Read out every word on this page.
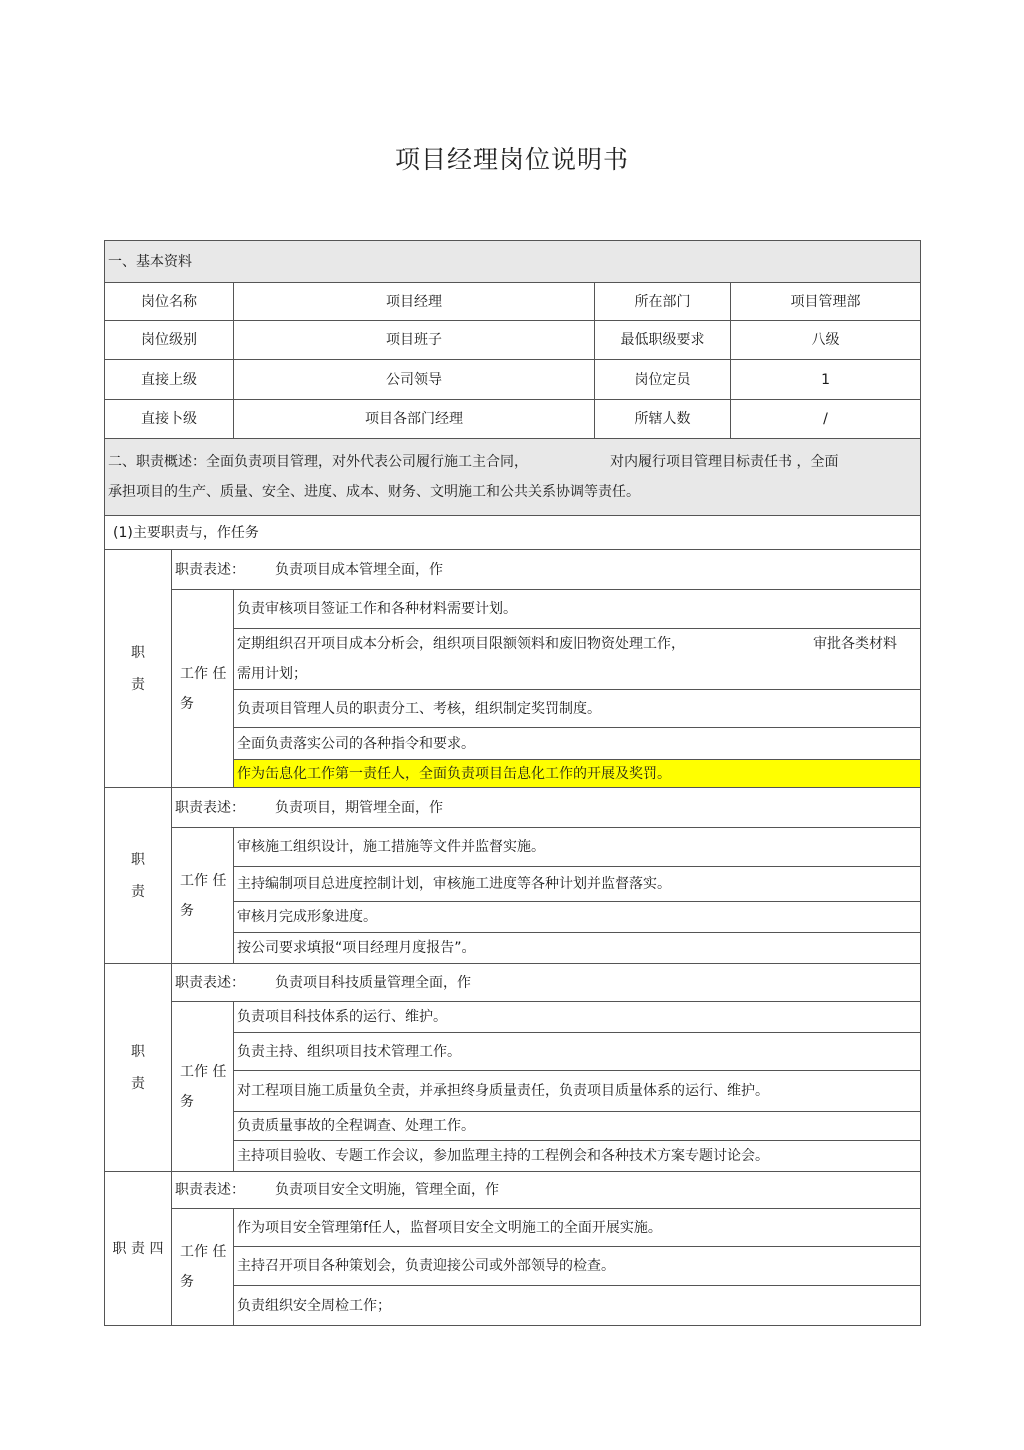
项目经理岗位说明书
一、基本资料				
岗位名称		项目经理	所在部门	项目管理部
岗位级别		项目班子	最低职级要求	八级
直接上级		公司领导	岗位定员	1
直接卜级		项目各部门经理	所辖人数	/
二、职责概述：全面负责项目管理，对外代表公司履行施工主合同， 对内履行项目管理目标责任书 ，全面
承担项目的生产、质量、安全、进度、成本、财务、文明施工和公共关系协调等责任。				
(1)主要职责与，作任务				
职
责	职责表述： 负责项目成本管埋全面，作			
	工作 任
务	负责审核项目签证工作和各种材料需要计划。		

		定期组织召开项目成本分析会，组织项目限额领料和废旧物资处理工作， 审批各类材料
需用计划；		
		负责项目管理人员的职责分工、考核，组织制定奖罚制度。		
		全面负责落实公司的各种指令和要求。		
		作为缶息化工作第一责任人，全面负责项目缶息化工作的开展及奖罚。		
职
责	职责表述： 负责项目，期管埋全面，作			
	工作 任
务	审核施工组织设计，施工措施等文件并监督实施。		
		主持编制项目总进度控制计划，审核施工进度等各种计划并监督落实。		
		审核月完成形象进度。		
		按公司要求填报“项目经理月度报告”。		
职
责	职责表述： 负责项目科技质量管理全面，作			
	工作 任
务	负责项目科技体系的运行、维护。		
		负责主持、组织项目技术管理工作。		
		对工程项目施工质量负全责，并承担终身质量责任，负责项目质量体系的运行、维护。		
		负责质量事故的全程调查、处理工作。		
		主持项目验收、专题工作会议，参加监理主持的工程例会和各种技术方案专题讨论会。		
职 责 四	职责表述： 负责项目安全文明施，管理全面，作			
	工作 任
务	作为项目安全管理第f任人，监督项目安全文明施工的全面开展实施。		
		主持召开项目各种策划会，负责迎接公司或外部领导的检查。		
		负责组织安全周检工作；		
